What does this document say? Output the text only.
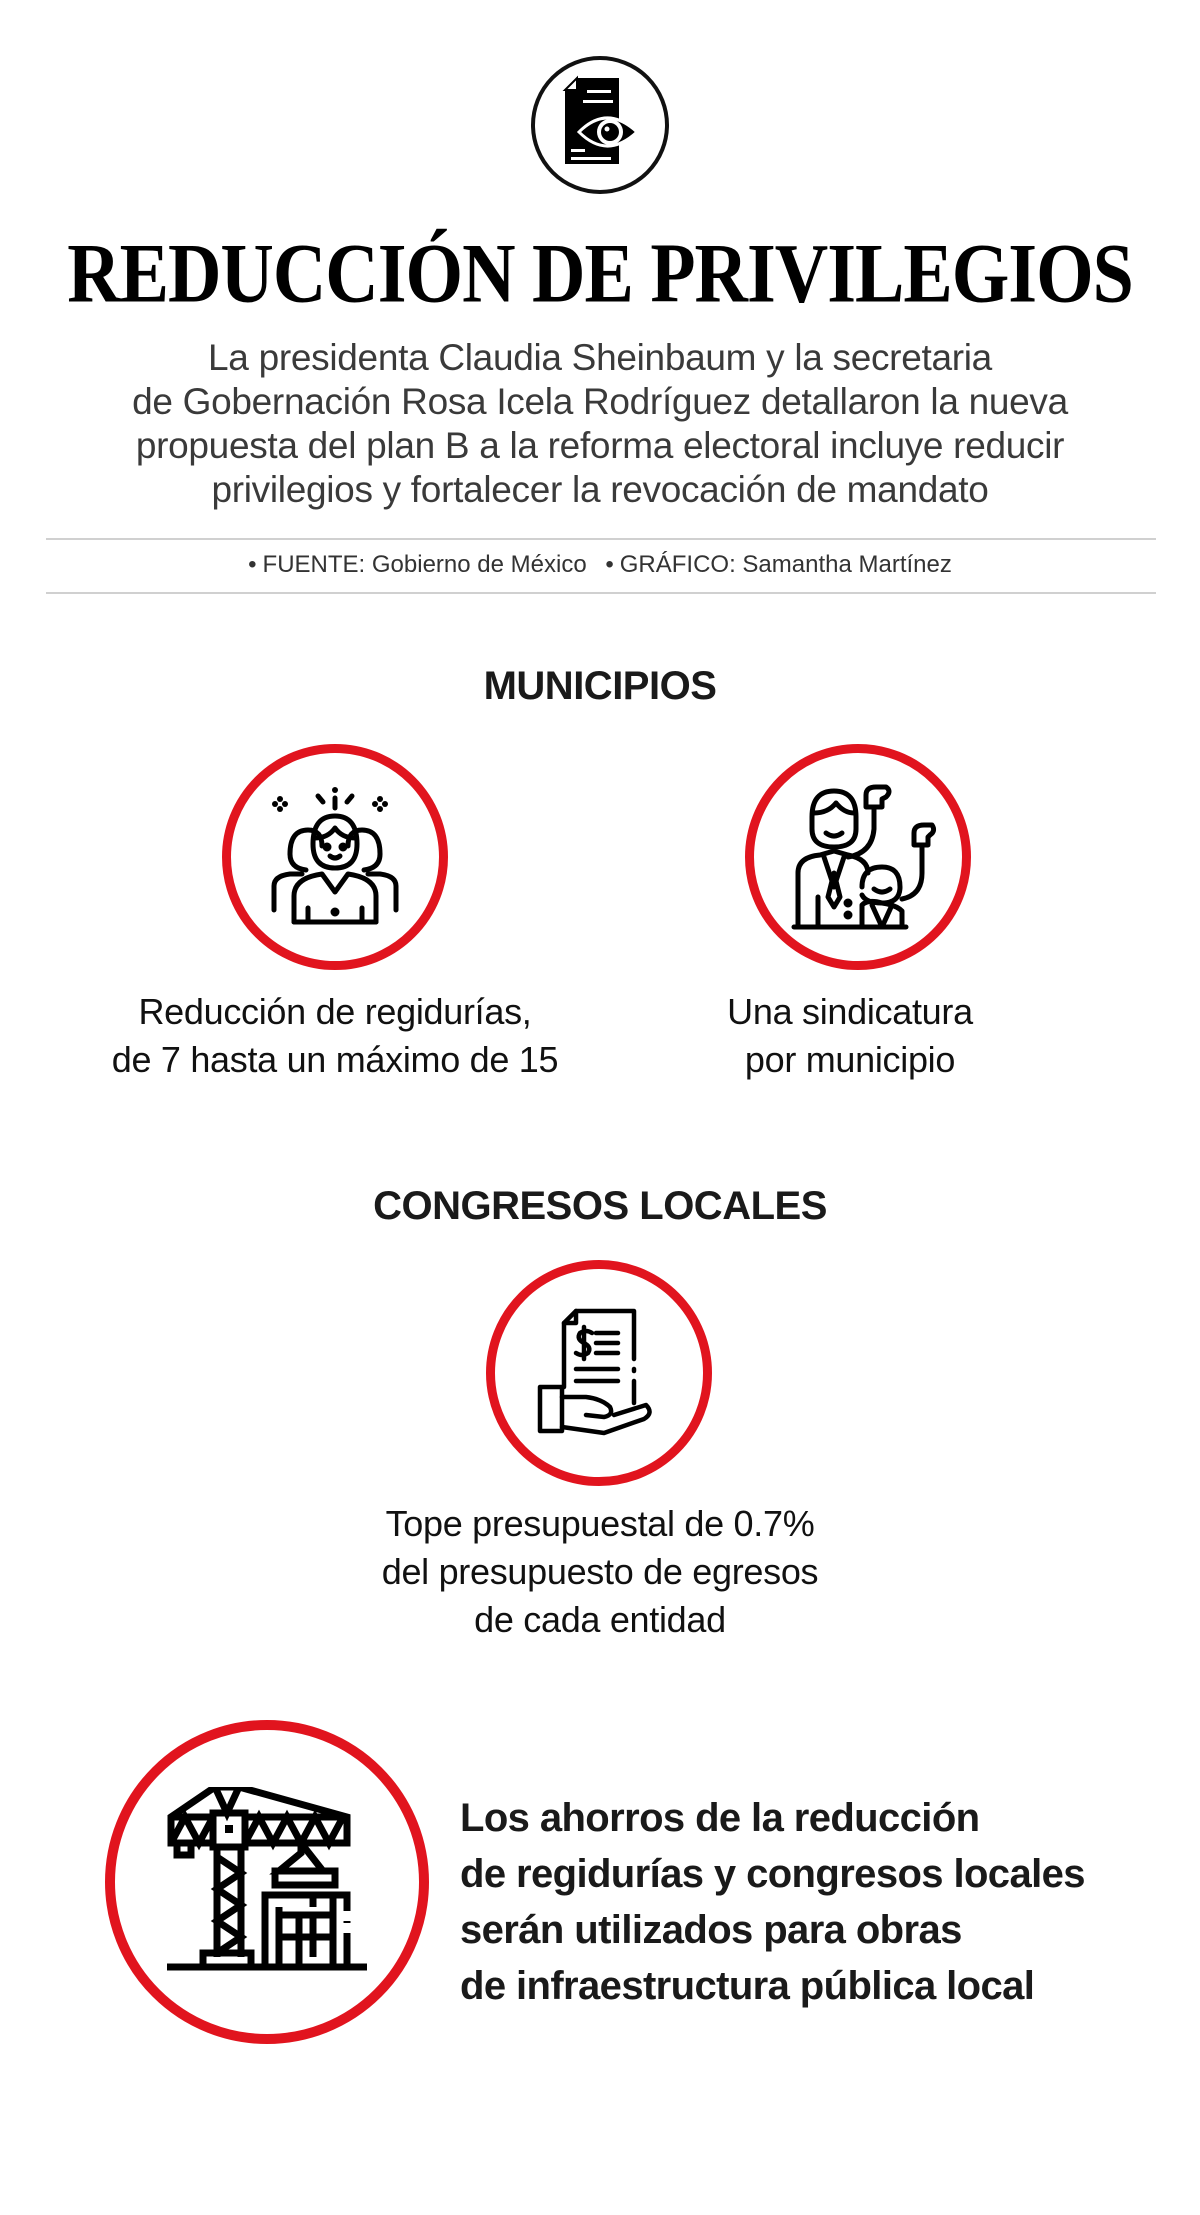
REDUCCIÓN DE PRIVILEGIOS
La presidenta Claudia Sheinbaum y la secretaria
de Gobernación Rosa Icela Rodríguez detallaron la nueva
propuesta del plan B a la reforma electoral incluye reducir
privilegios y fortalecer la revocación de mandato
• FUENTE: Gobierno de México • GRÁFICO: Samantha Martínez
MUNICIPIOS
Reducción de regidurías,
de 7 hasta un máximo de 15
Una sindicatura
por municipio
CONGRESOS LOCALES
Tope presupuestal de 0.7%
del presupuesto de egresos
de cada entidad
Los ahorros de la reducción
de regidurías y congresos locales
serán utilizados para obras
de infraestructura pública local
